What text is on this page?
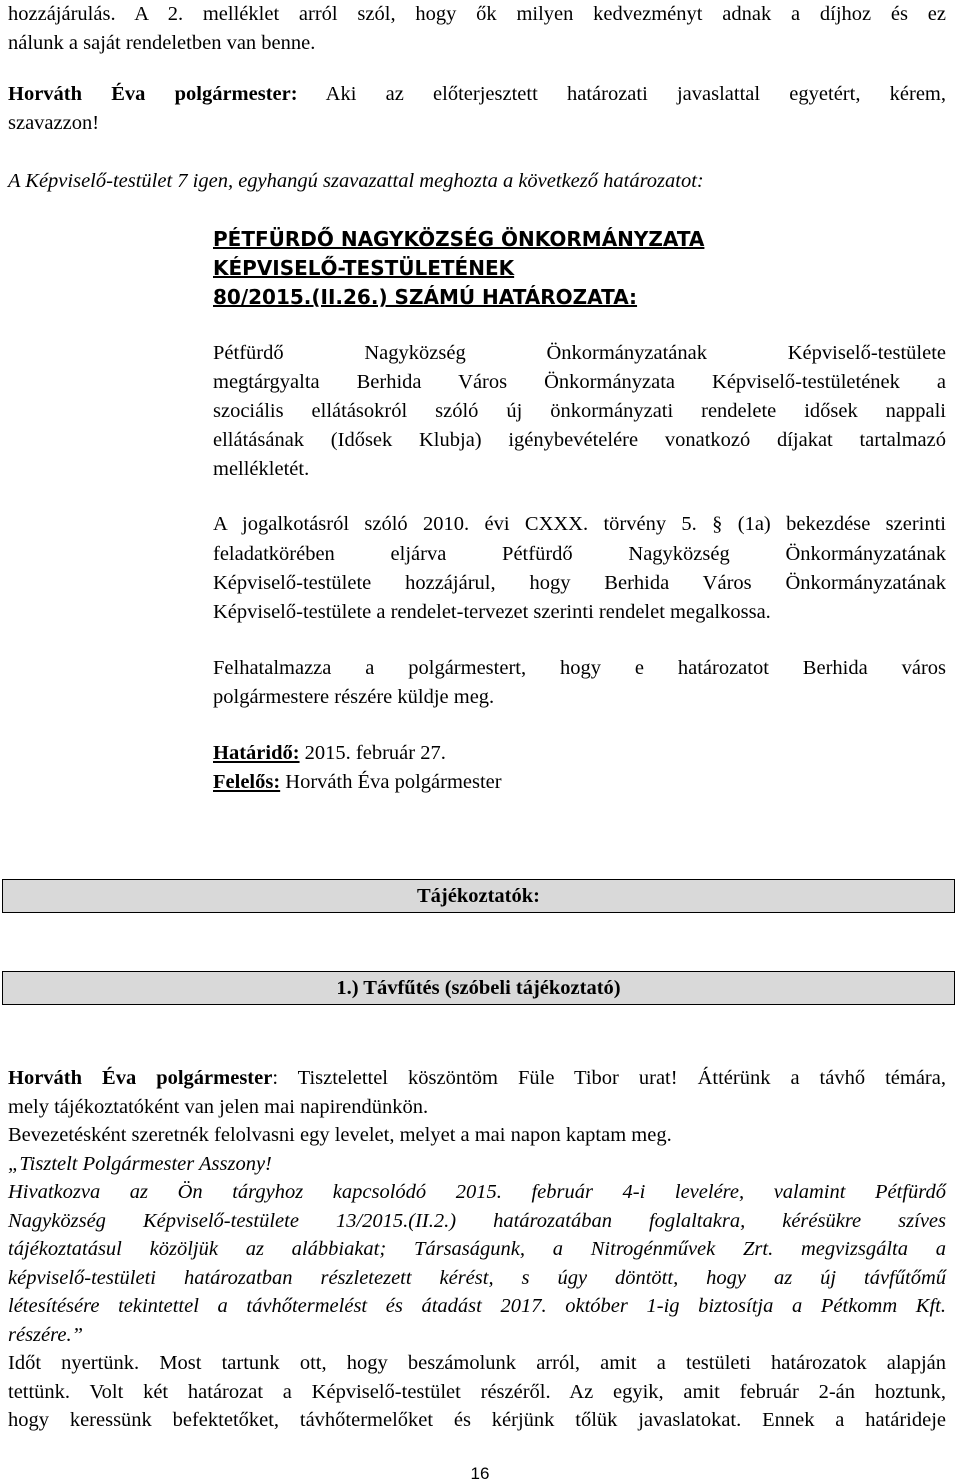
hozzájárulás. A 2. melléklet arról szól, hogy ők milyen kedvezményt adnak a díjhoz és ez
nálunk a saját rendeletben van benne.
Horváth Éva polgármester: Aki az előterjesztett határozati javaslattal egyetért, kérem,
szavazzon!
A Képviselő-testület 7 igen, egyhangú szavazattal meghozta a következő határozatot:
PÉTFÜRDŐ NAGYKÖZSÉG ÖNKORMÁNYZATA
KÉPVISELŐ-TESTÜLETÉNEK
80/2015.(II.26.) SZÁMÚ HATÁROZATA:
Pétfürdő Nagyközség Önkormányzatának Képviselő-testülete
megtárgyalta Berhida Város Önkormányzata Képviselő-testületének a
szociális ellátásokról szóló új önkormányzati rendelete idősek nappali
ellátásának (Idősek Klubja) igénybevételére vonatkozó díjakat tartalmazó
mellékletét.
A jogalkotásról szóló 2010. évi CXXX. törvény 5. § (1a) bekezdése szerinti
feladatkörében eljárva Pétfürdő Nagyközség Önkormányzatának
Képviselő-testülete hozzájárul, hogy Berhida Város Önkormányzatának
Képviselő-testülete a rendelet-tervezet szerinti rendelet megalkossa.
Felhatalmazza a polgármestert, hogy e határozatot Berhida város
polgármestere részére küldje meg.
Határidő: 2015. február 27.
Felelős: Horváth Éva polgármester
Tájékoztatók:
1.) Távfűtés (szóbeli tájékoztató)
Horváth Éva polgármester: Tisztelettel köszöntöm Füle Tibor urat! Áttérünk a távhő témára,
mely tájékoztatóként van jelen mai napirendünkön.
Bevezetésként szeretnék felolvasni egy levelet, melyet a mai napon kaptam meg.
„Tisztelt Polgármester Asszony!
Hivatkozva az Ön tárgyhoz kapcsolódó 2015. február 4-i levelére, valamint Pétfürdő
Nagyközség Képviselő-testülete 13/2015.(II.2.) határozatában foglaltakra, kérésükre szíves
tájékoztatásul közöljük az alábbiakat; Társaságunk, a Nitrogénművek Zrt. megvizsgálta a
képviselő-testületi határozatban részletezett kérést, s úgy döntött, hogy az új távfűtőmű
létesítésére tekintettel a távhőtermelést és átadást 2017. október 1-ig biztosítja a Pétkomm Kft.
részére.”
Időt nyertünk. Most tartunk ott, hogy beszámolunk arról, amit a testületi határozatok alapján
tettünk. Volt két határozat a Képviselő-testület részéről. Az egyik, amit február 2-án hoztunk,
hogy keressünk befektetőket, távhőtermelőket és kérjünk tőlük javaslatokat. Ennek a határideje
16
